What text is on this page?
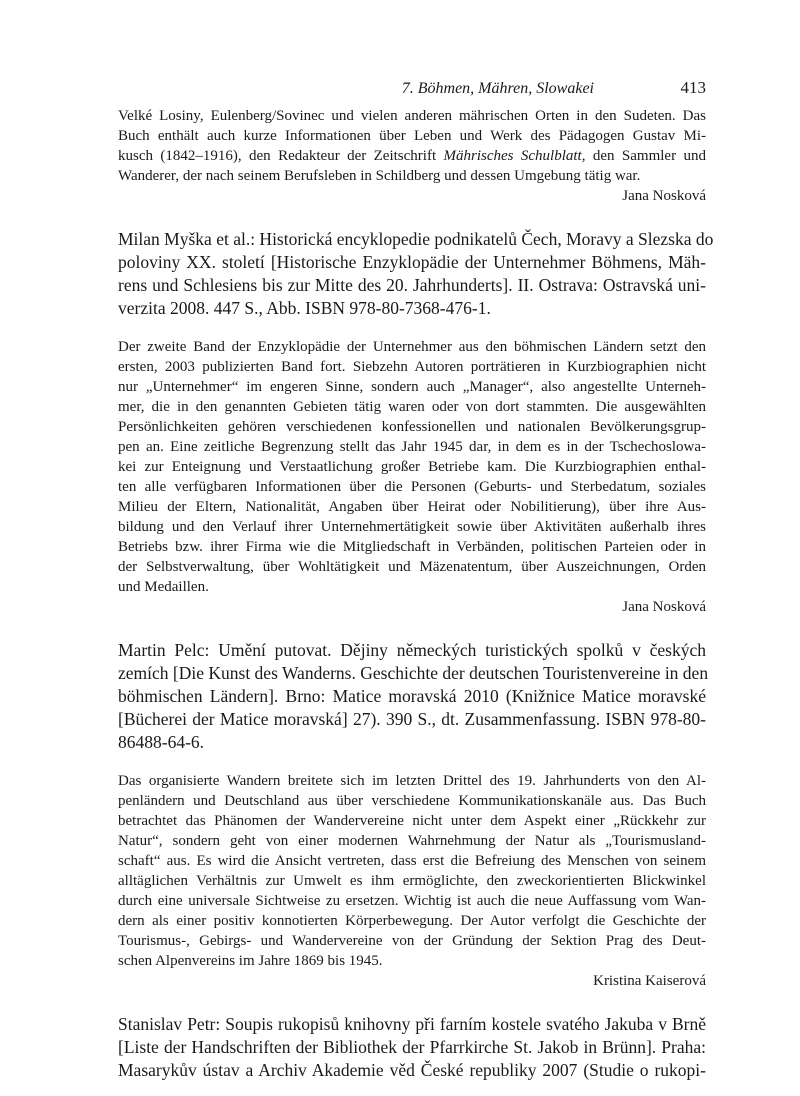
7. Böhmen, Mähren, Slowakei	413

Velké Losiny, Eulenberg/Sovinec und vielen anderen mährischen Orten in den Sudeten. Das
Buch enthält auch kurze Informationen über Leben und Werk des Pädagogen Gustav Mi-
kusch (1842–1916), den Redakteur der Zeitschrift Mährisches Schulblatt, den Sammler und
Wanderer, der nach seinem Berufsleben in Schildberg und dessen Umgebung tätig war.

Jana Nosková

Milan Myška et al.: Historická encyklopedie podnikatelů Čech, Moravy a Slezska do
poloviny XX. století [Historische Enzyklopädie der Unternehmer Böhmens, Mäh-
rens und Schlesiens bis zur Mitte des 20. Jahrhunderts]. II. Ostrava: Ostravská uni-
verzita 2008. 447 S., Abb. ISBN 978-80-7368-476-1.

Der zweite Band der Enzyklopädie der Unternehmer aus den böhmischen Ländern setzt den
ersten, 2003 publizierten Band fort. Siebzehn Autoren porträtieren in Kurzbiographien nicht
nur „Unternehmer“ im engeren Sinne, sondern auch „Manager“, also angestellte Unterneh-
mer, die in den genannten Gebieten tätig waren oder von dort stammten. Die ausgewählten
Persönlichkeiten gehören verschiedenen konfessionellen und nationalen Bevölkerungsgrup-
pen an. Eine zeitliche Begrenzung stellt das Jahr 1945 dar, in dem es in der Tschechoslowa-
kei zur Enteignung und Verstaatlichung großer Betriebe kam. Die Kurzbiographien enthal-
ten alle verfügbaren Informationen über die Personen (Geburts- und Sterbedatum, soziales
Milieu der Eltern, Nationalität, Angaben über Heirat oder Nobilitierung), über ihre Aus-
bildung und den Verlauf ihrer Unternehmertätigkeit sowie über Aktivitäten außerhalb ihres
Betriebs bzw. ihrer Firma wie die Mitgliedschaft in Verbänden, politischen Parteien oder in
der Selbstverwaltung, über Wohltätigkeit und Mäzenatentum, über Auszeichnungen, Orden
und Medaillen.

Jana Nosková

Martin Pelc: Umění putovat. Dějiny německých turistických spolků v českých
zemích [Die Kunst des Wanderns. Geschichte der deutschen Touristenvereine in den
böhmischen Ländern]. Brno: Matice moravská 2010 (Knižnice Matice moravské
[Bücherei der Matice moravská] 27). 390 S., dt. Zusammenfassung. ISBN 978-80-
86488-64-6.

Das organisierte Wandern breitete sich im letzten Drittel des 19. Jahrhunderts von den Al-
penländern und Deutschland aus über verschiedene Kommunikationskanäle aus. Das Buch
betrachtet das Phänomen der Wandervereine nicht unter dem Aspekt einer „Rückkehr zur
Natur“, sondern geht von einer modernen Wahrnehmung der Natur als „Tourismusland-
schaft“ aus. Es wird die Ansicht vertreten, dass erst die Befreiung des Menschen von seinem
alltäglichen Verhältnis zur Umwelt es ihm ermöglichte, den zweckorientierten Blickwinkel
durch eine universale Sichtweise zu ersetzen. Wichtig ist auch die neue Auffassung vom Wan-
dern als einer positiv konnotierten Körperbewegung. Der Autor verfolgt die Geschichte der
Tourismus-, Gebirgs- und Wandervereine von der Gründung der Sektion Prag des Deut-
schen Alpenvereins im Jahre 1869 bis 1945.

Kristina Kaiserová

Stanislav Petr: Soupis rukopisů knihovny při farním kostele svatého Jakuba v Brně
[Liste der Handschriften der Bibliothek der Pfarrkirche St. Jakob in Brünn]. Praha:
Masarykův ústav a Archiv Akademie věd České republiky 2007 (Studie o rukopi-
